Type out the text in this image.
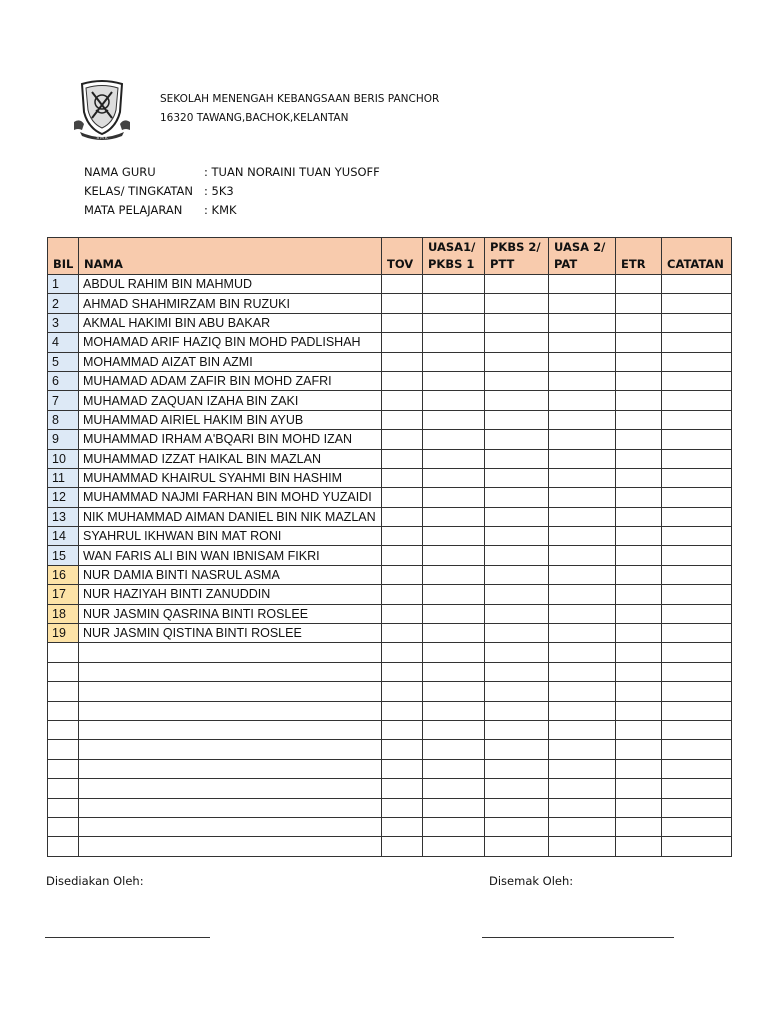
S M K
SEKOLAH MENENGAH KEBANGSAAN BERIS PANCHOR
16320 TAWANG,BACHOK,KELANTAN
NAMA GURU	: TUAN NORAINI TUAN YUSOFF
KELAS/ TINGKATAN : 5K3
MATA PELAJARAN	: KMK
BIL	NAMA	TOV	UASA1/ PKBS 1	PKBS 2/ PTT	UASA 2/ PAT	ETR	CATATAN
1	ABDUL RAHIM BIN MAHMUD						
2	AHMAD SHAHMIRZAM BIN RUZUKI						
3	AKMAL HAKIMI BIN ABU BAKAR						
4	MOHAMAD ARIF HAZIQ BIN MOHD PADLISHAH						
5	MOHAMMAD AIZAT BIN AZMI						
6	MUHAMAD ADAM ZAFIR BIN MOHD ZAFRI						
7	MUHAMAD ZAQUAN IZAHA BIN ZAKI						
8	MUHAMMAD AIRIEL HAKIM BIN AYUB						
9	MUHAMMAD IRHAM A'BQARI BIN MOHD IZAN						
10	MUHAMMAD IZZAT HAIKAL BIN MAZLAN						
11	MUHAMMAD KHAIRUL SYAHMI BIN HASHIM						
12	MUHAMMAD NAJMI FARHAN BIN MOHD YUZAIDI						
13	NIK MUHAMMAD AIMAN DANIEL BIN NIK MAZLAN						
14	SYAHRUL IKHWAN BIN MAT RONI						
15	WAN FARIS ALI BIN WAN IBNISAM FIKRI						
16	NUR DAMIA BINTI NASRUL ASMA						
17	NUR HAZIYAH BINTI ZANUDDIN						
18	NUR JASMIN QASRINA BINTI ROSLEE						
19	NUR JASMIN QISTINA BINTI ROSLEE						

Disediakan Oleh:	Disemak Oleh:
